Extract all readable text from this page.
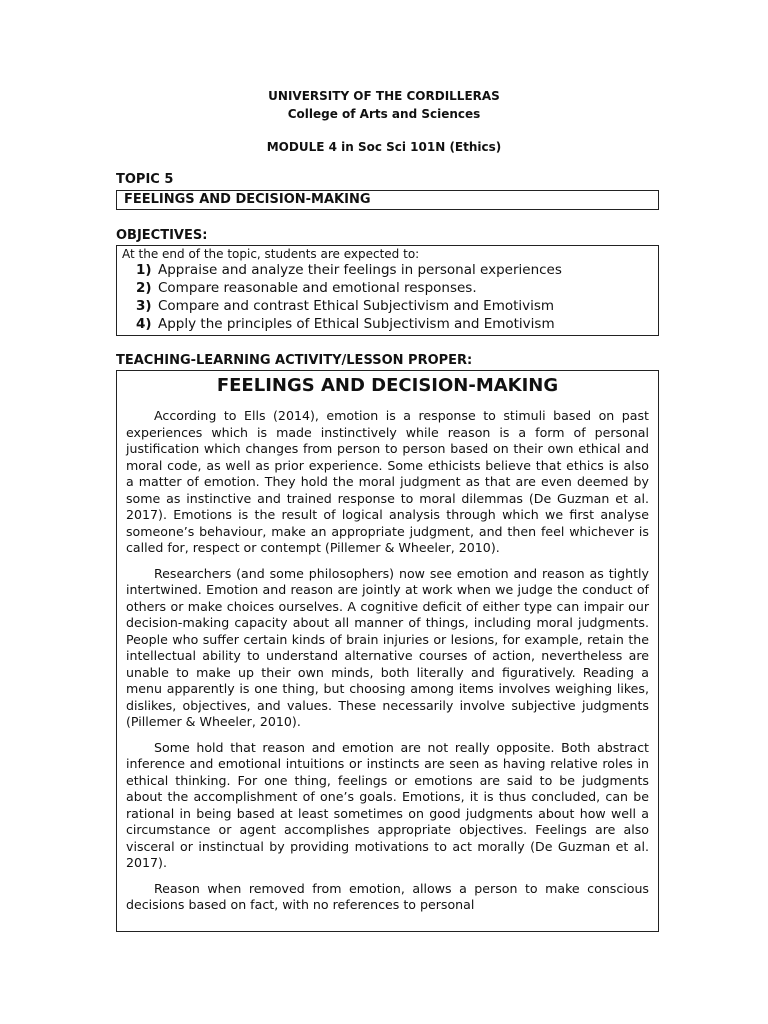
UNIVERSITY OF THE CORDILLERAS
College of Arts and Sciences
MODULE 4 in Soc Sci 101N (Ethics)
TOPIC 5
FEELINGS AND DECISION-MAKING
OBJECTIVES:
At the end of the topic, students are expected to:
1) Appraise and analyze their feelings in personal experiences
2) Compare reasonable and emotional responses.
3) Compare and contrast Ethical Subjectivism and Emotivism
4) Apply the principles of Ethical Subjectivism and Emotivism
TEACHING-LEARNING ACTIVITY/LESSON PROPER:
FEELINGS AND DECISION-MAKING

According to Ells (2014), emotion is a response to stimuli based on past experiences which is made instinctively while reason is a form of personal justification which changes from person to person based on their own ethical and moral code, as well as prior experience. Some ethicists believe that ethics is also a matter of emotion. They hold the moral judgment as that are even deemed by some as instinctive and trained response to moral dilemmas (De Guzman et al. 2017). Emotions is the result of logical analysis through which we first analyse someone’s behaviour, make an appropriate judgment, and then feel whichever is called for, respect or contempt (Pillemer & Wheeler, 2010).

Researchers (and some philosophers) now see emotion and reason as tightly intertwined. Emotion and reason are jointly at work when we judge the conduct of others or make choices ourselves. A cognitive deficit of either type can impair our decision-making capacity about all manner of things, including moral judgments. People who suffer certain kinds of brain injuries or lesions, for example, retain the intellectual ability to understand alternative courses of action, nevertheless are unable to make up their own minds, both literally and figuratively. Reading a menu apparently is one thing, but choosing among items involves weighing likes, dislikes, objectives, and values. These necessarily involve subjective judgments (Pillemer & Wheeler, 2010).

Some hold that reason and emotion are not really opposite. Both abstract inference and emotional intuitions or instincts are seen as having relative roles in ethical thinking. For one thing, feelings or emotions are said to be judgments about the accomplishment of one’s goals. Emotions, it is thus concluded, can be rational in being based at least sometimes on good judgments about how well a circumstance or agent accomplishes appropriate objectives. Feelings are also visceral or instinctual by providing motivations to act morally (De Guzman et al. 2017).

Reason when removed from emotion, allows a person to make conscious decisions based on fact, with no references to personal
